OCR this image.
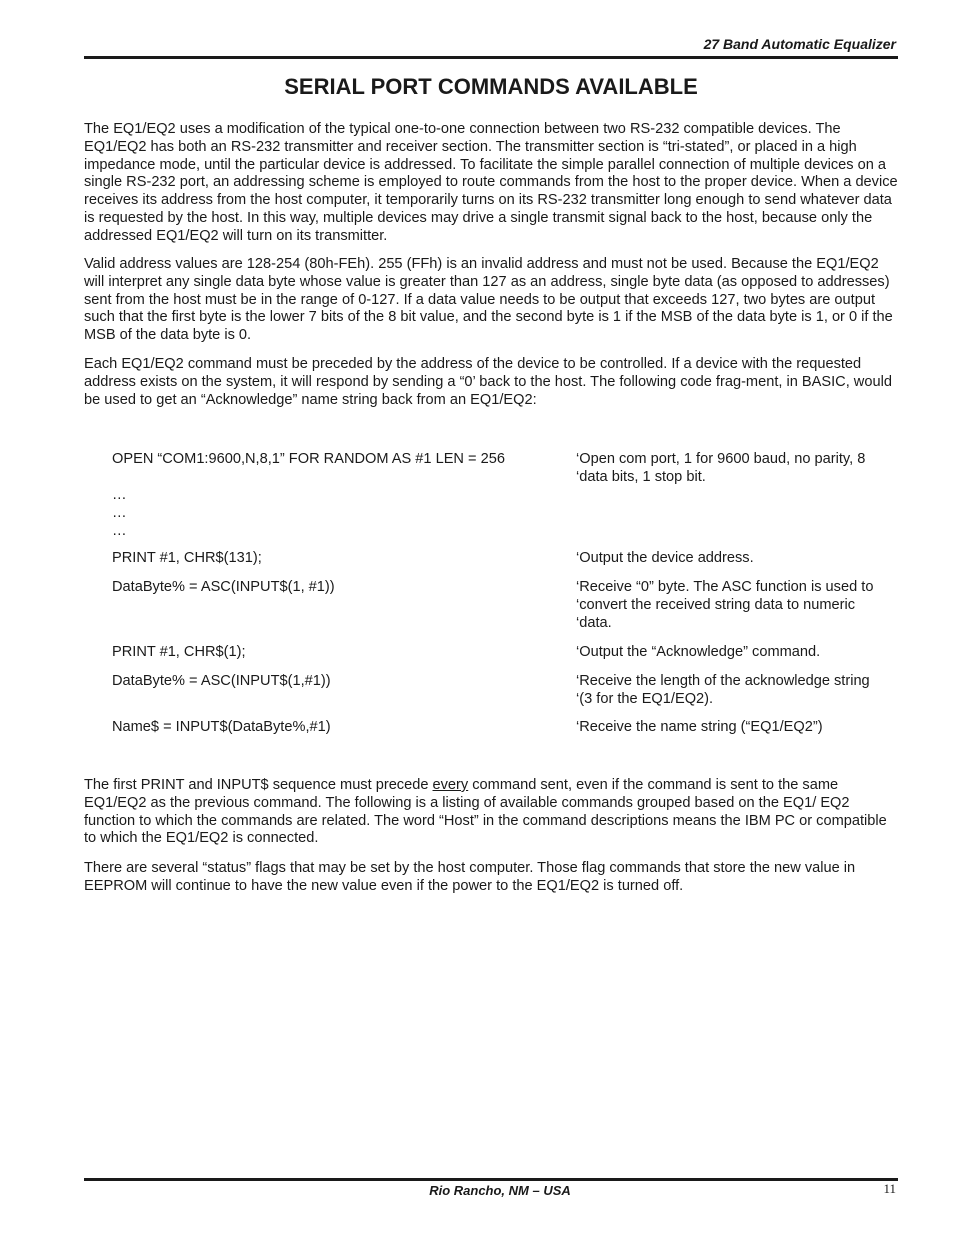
27 Band Automatic Equalizer
SERIAL PORT COMMANDS AVAILABLE

The EQ1/EQ2 uses a modification of the typical one-to-one connection between two RS-232 compatible devices. The EQ1/EQ2 has both an RS-232 transmitter and receiver section. The transmitter section is “tri-stated”, or placed in a high impedance mode, until the particular device is addressed. To facilitate the simple parallel connection of multiple devices on a single RS-232 port, an addressing scheme is employed to route commands from the host to the proper device. When a device receives its address from the host computer, it temporarily turns on its RS-232 transmitter long enough to send whatever data is requested by the host. In this way, multiple devices may drive a single transmit signal back to the host, because only the addressed EQ1/EQ2 will turn on its transmitter.

Valid address values are 128-254 (80h-FEh). 255 (FFh) is an invalid address and must not be used. Because the EQ1/EQ2 will interpret any single data byte whose value is greater than 127 as an address, single byte data (as opposed to addresses) sent from the host must be in the range of 0-127. If a data value needs to be output that exceeds 127, two bytes are output such that the first byte is the lower 7 bits of the 8 bit value, and the second byte is 1 if the MSB of the data byte is 1, or 0 if the MSB of the data byte is 0.

Each EQ1/EQ2 command must be preceded by the address of the device to be controlled. If a device with the requested address exists on the system, it will respond by sending a “0’ back to the host. The following code frag-ment, in BASIC, would be used to get an “Acknowledge” name string back from an EQ1/EQ2:

OPEN “COM1:9600,N,8,1” FOR RANDOM AS #1 LEN = 256	‘Open com port, 1 for 9600 baud, no parity, 8
‘data bits, 1 stop bit.

…

…

…

PRINT #1, CHR$(131);	‘Output the device address.

DataByte% = ASC(INPUT$(1, #1))	‘Receive “0” byte. The ASC function is used to
‘convert the received string data to numeric
‘data.

PRINT #1, CHR$(1);	‘Output the “Acknowledge” command.

DataByte% = ASC(INPUT$(1,#1))	‘Receive the length of the acknowledge string
‘(3 for the EQ1/EQ2).

Name$ = INPUT$(DataByte%,#1)	‘Receive the name string (“EQ1/EQ2”)

The first PRINT and INPUT$ sequence must precede every command sent, even if the command is sent to the same EQ1/EQ2 as the previous command. The following is a listing of available commands grouped based on the EQ1/ EQ2 function to which the commands are related. The word “Host” in the command descriptions means the IBM PC or compatible to which the EQ1/EQ2 is connected.

There are several “status” flags that may be set by the host computer. Those flag commands that store the new value in EEPROM will continue to have the new value even if the power to the EQ1/EQ2 is turned off.

Rio Rancho, NM – USA	11
